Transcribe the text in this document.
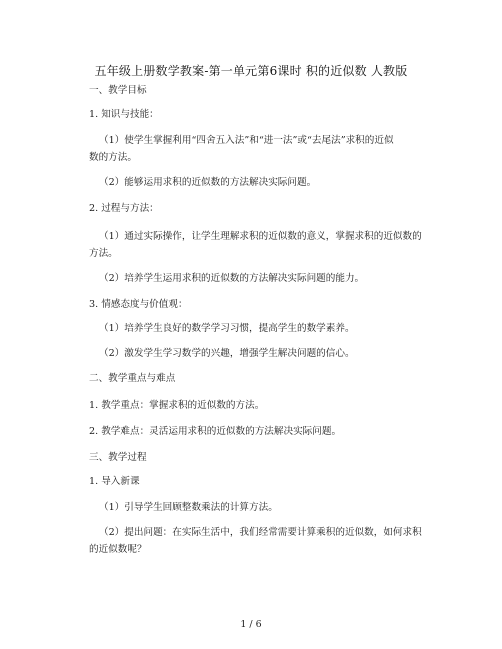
五年级上册数学教案-第一单元第6课时 积的近似数 人教版
一、教学目标
1. 知识与技能：
（1）使学生掌握利用“四舍五入法”和“进一法”或“去尾法”求积的近似
数的方法。
（2）能够运用求积的近似数的方法解决实际问题。
2. 过程与方法：
（1）通过实际操作，让学生理解求积的近似数的意义，掌握求积的近似数的
方法。
（2）培养学生运用求积的近似数的方法解决实际问题的能力。
3. 情感态度与价值观：
（1）培养学生良好的数学学习习惯，提高学生的数学素养。
（2）激发学生学习数学的兴趣，增强学生解决问题的信心。
二、教学重点与难点
1. 教学重点：掌握求积的近似数的方法。
2. 教学难点：灵活运用求积的近似数的方法解决实际问题。
三、教学过程
1. 导入新课
（1）引导学生回顾整数乘法的计算方法。
（2）提出问题：在实际生活中，我们经常需要计算乘积的近似数，如何求积
的近似数呢？
1 / 6
